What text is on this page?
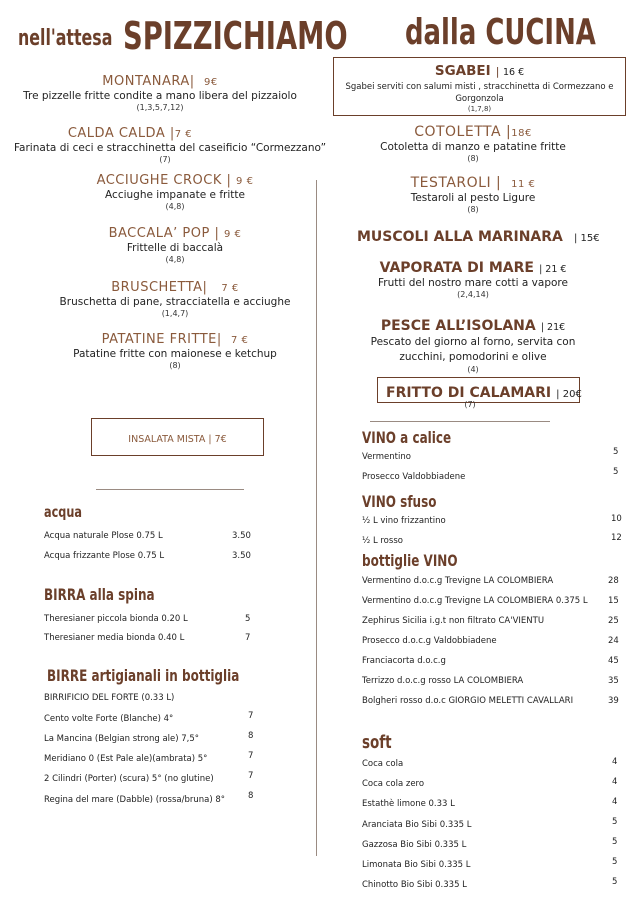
nell'attesa SPIZZICHIAMO dalla CUCINA
MONTANARA| 9€
Tre pizzelle fritte condite a mano libera del pizzaiolo
(1,3,5,7,12)
CALDA CALDA |7 €
Farinata di ceci e stracchinetta del caseificio “Cormezzano”
(7)
ACCIUGHE CROCK | 9 €
Acciughe impanate e fritte
(4,8)
BACCALA’ POP | 9 €
Frittelle di baccalà
(4,8)
BRUSCHETTA| 7 €
Bruschetta di pane, stracciatella e acciughe
(1,4,7)
PATATINE FRITTE| 7 €
Patatine fritte con maionese e ketchup
(8)
INSALATA MISTA | 7€
acqua
Acqua naturale Plose 0.75 L	3.50
Acqua frizzante Plose 0.75 L	3.50
BIRRA alla spina
Theresianer piccola bionda 0.20 L	5
Theresianer media bionda 0.40 L	7
BIRRE artigianali in bottiglia
BIRRIFICIO DEL FORTE (0.33 L)
Cento volte Forte (Blanche) 4°	7
La Mancina (Belgian strong ale) 7,5°	8
Meridiano 0 (Est Pale ale)(ambrata) 5°	7
2 Cilindri (Porter) (scura) 5° (no glutine)	7
Regina del mare (Dabble) (rossa/bruna) 8°	8
SGABEI | 16 €
Sgabei serviti con salumi misti , stracchinetta di Cormezzano e Gorgonzola
(1,7,8)
COTOLETTA |18€
Cotoletta di manzo e patatine fritte
(8)
TESTAROLI | 11 €
Testaroli al pesto Ligure
(8)
MUSCOLI ALLA MARINARA | 15€
VAPORATA DI MARE | 21 €
Frutti del nostro mare cotti a vapore
(2,4,14)
PESCE ALL’ISOLANA | 21€
Pescato del giorno al forno, servita con zucchini, pomodorini e olive
(4)
FRITTO DI CALAMARI | 20€
(7)
VINO a calice
Vermentino	5
Prosecco Valdobbiadene	5
VINO sfuso
½ L vino frizzantino	10
½ L rosso	12
bottiglie VINO
Vermentino d.o.c.g Trevigne LA COLOMBIERA	28
Vermentino d.o.c.g Trevigne LA COLOMBIERA 0.375 L 15
Zephirus Sicilia i.g.t non filtrato CA'VIENTU	25
Prosecco d.o.c.g Valdobbiadene	24
Franciacorta d.o.c.g	45
Terrizzo d.o.c.g rosso LA COLOMBIERA	35
Bolgheri rosso d.o.c GIORGIO MELETTI CAVALLARI	39
soft
Coca cola	4
Coca cola zero	4
Estathè limone 0.33 L	4
Aranciata Bio Sibi 0.335 L	5
Gazzosa Bio Sibi 0.335 L	5
Limonata Bio Sibi 0.335 L	5
Chinotto Bio Sibi 0.335 L	5
